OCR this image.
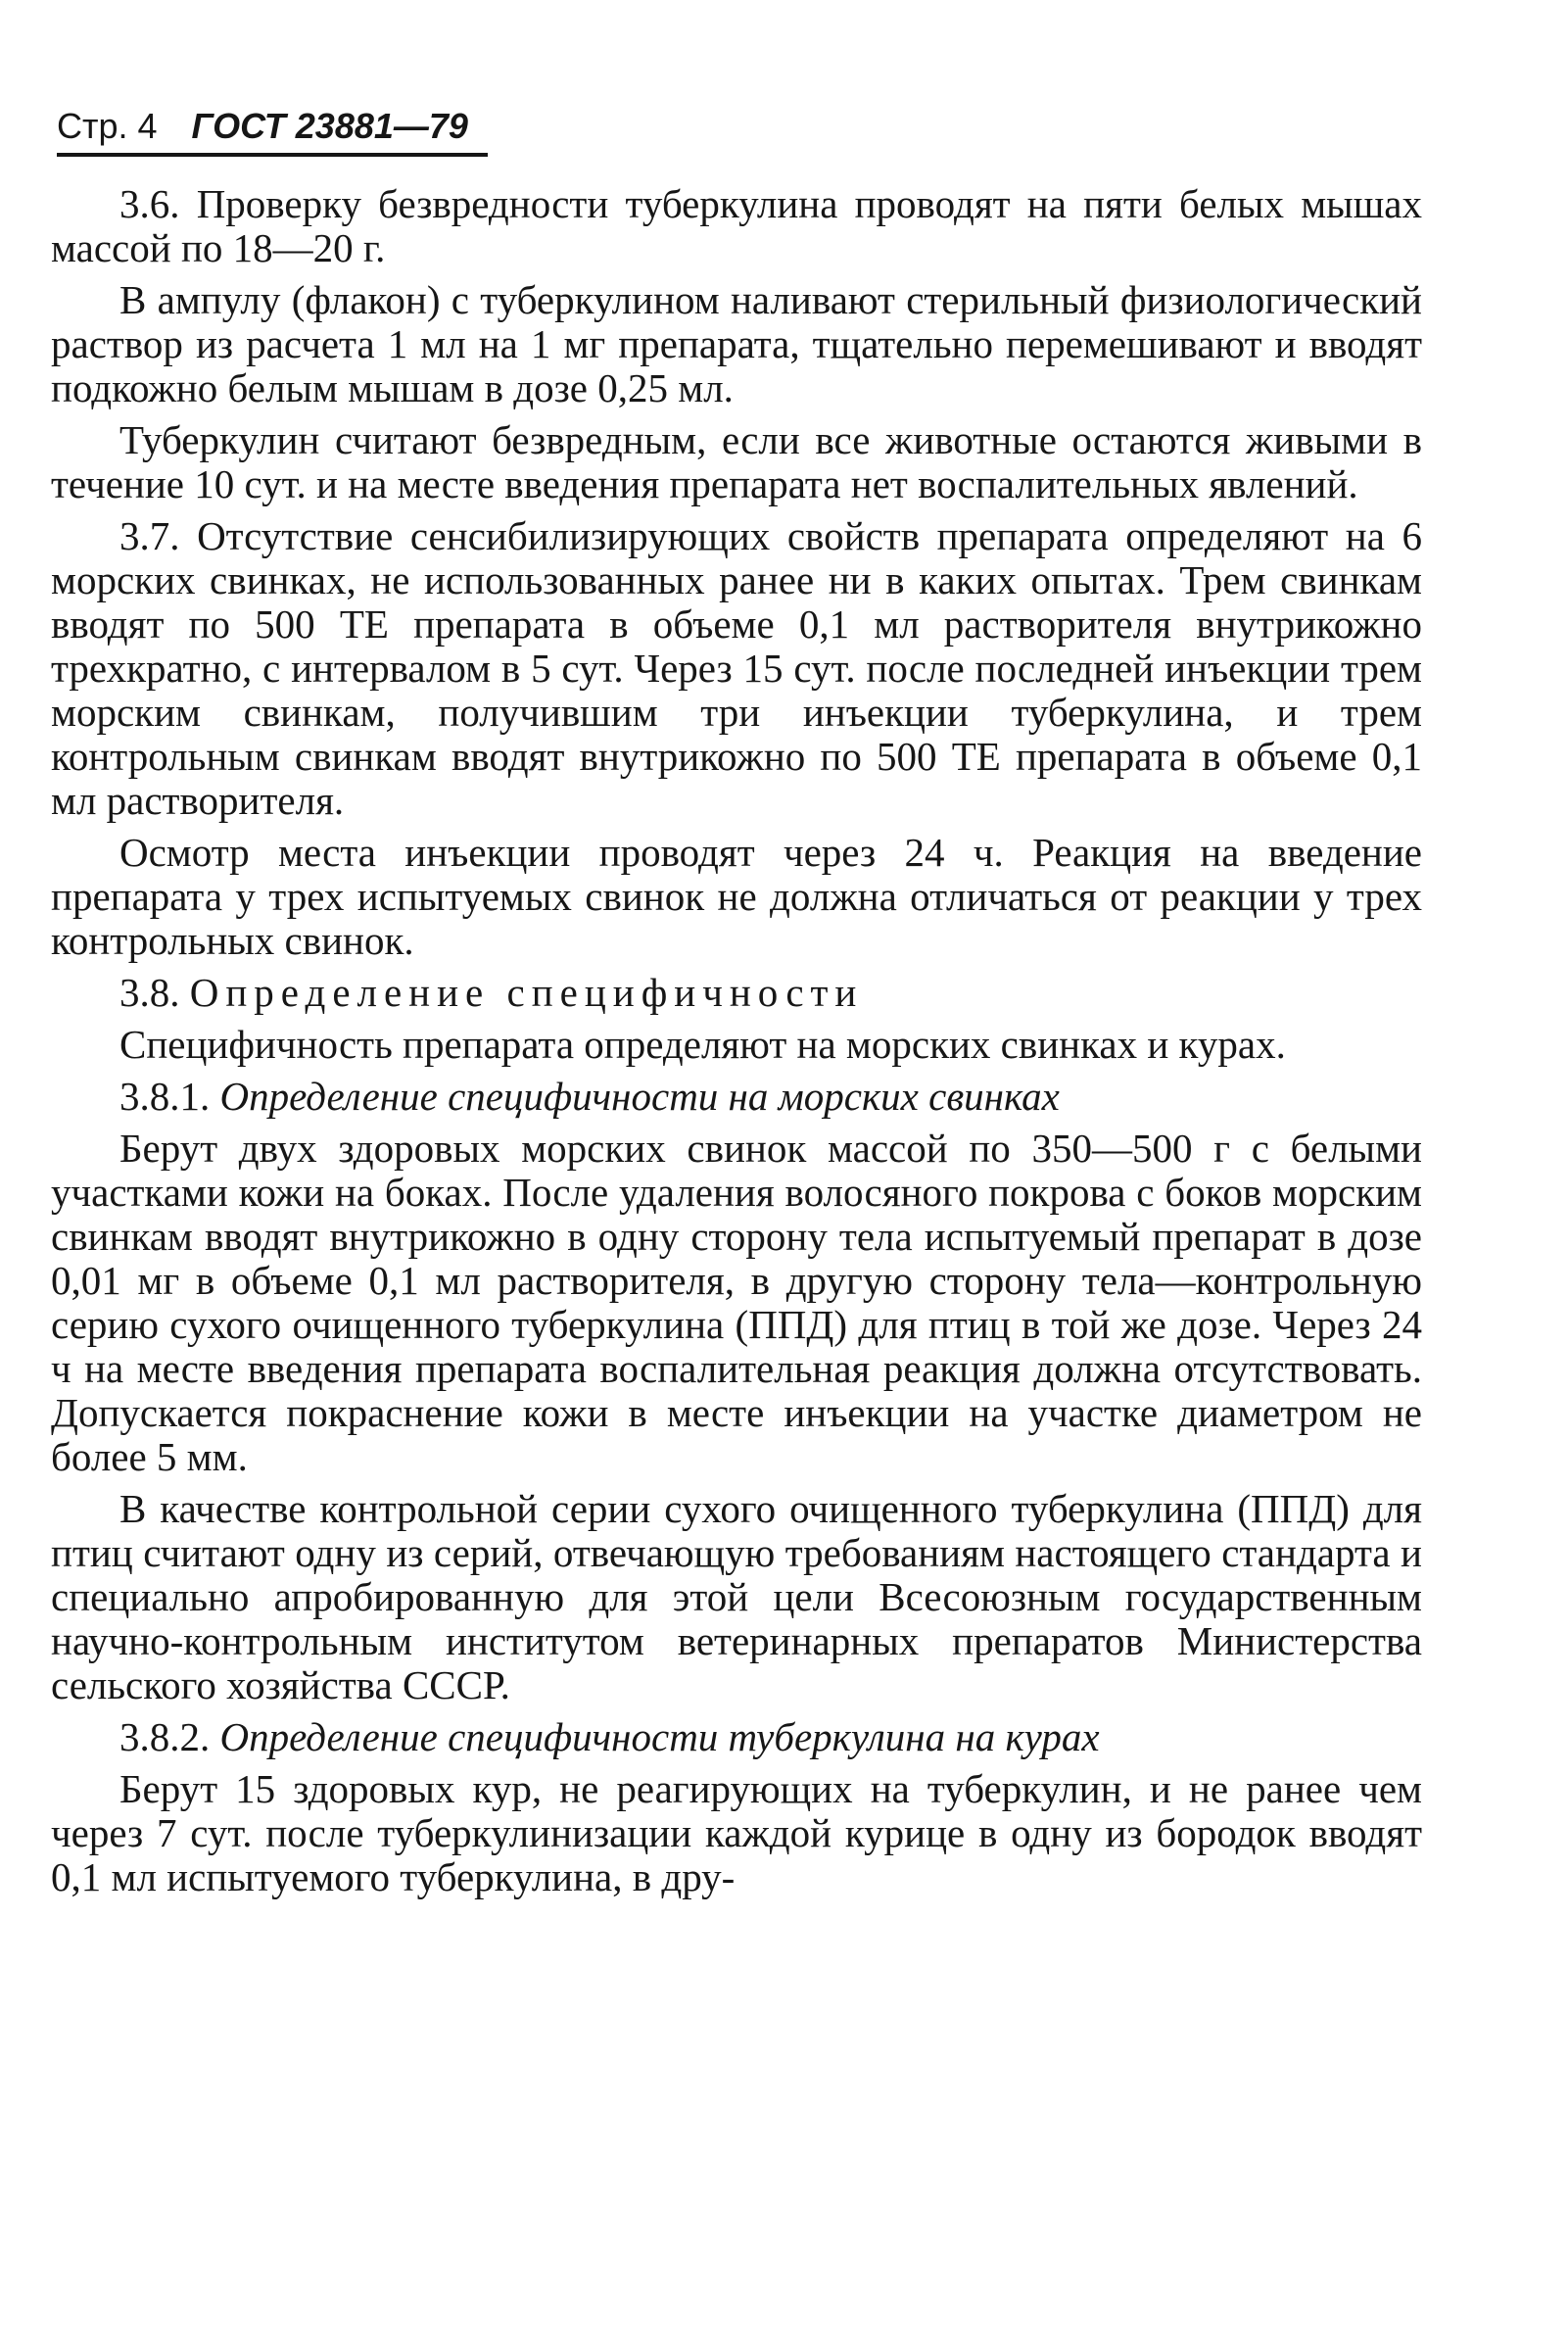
Стр. 4 ГОСТ 23881—79

3.6. Проверку безвредности туберкулина проводят на пяти белых мышах массой по 18—20 г.

В ампулу (флакон) с туберкулином наливают стерильный физиологический раствор из расчета 1 мл на 1 мг препарата, тщательно перемешивают и вводят подкожно белым мышам в дозе 0,25 мл.

Туберкулин считают безвредным, если все животные остаются живыми в течение 10 сут. и на месте введения препарата нет воспалительных явлений.

3.7. Отсутствие сенсибилизирующих свойств препарата определяют на 6 морских свинках, не использованных ранее ни в каких опытах. Трем свинкам вводят по 500 ТЕ препарата в объеме 0,1 мл растворителя внутрикожно трехкратно, с интервалом в 5 сут. Через 15 сут. после последней инъекции трем морским свинкам, получившим три инъекции туберкулина, и трем контрольным свинкам вводят внутрикожно по 500 ТЕ препарата в объеме 0,1 мл растворителя.

Осмотр места инъекции проводят через 24 ч. Реакция на введение препарата у трех испытуемых свинок не должна отличаться от реакции у трех контрольных свинок.

3.8. Определение специфичности

Специфичность препарата определяют на морских свинках и курах.

3.8.1. Определение специфичности на морских свинках

Берут двух здоровых морских свинок массой по 350—500 г с белыми участками кожи на боках. После удаления волосяного покрова с боков морским свинкам вводят внутрикожно в одну сторону тела испытуемый препарат в дозе 0,01 мг в объеме 0,1 мл растворителя, в другую сторону тела—контрольную серию сухого очищенного туберкулина (ППД) для птиц в той же дозе. Через 24 ч на месте введения препарата воспалительная реакция должна отсутствовать. Допускается покраснение кожи в месте инъекции на участке диаметром не более 5 мм.

В качестве контрольной серии сухого очищенного туберкулина (ППД) для птиц считают одну из серий, отвечающую требованиям настоящего стандарта и специально апробированную для этой цели Всесоюзным государственным научно-контрольным институтом ветеринарных препаратов Министерства сельского хозяйства СССР.

3.8.2. Определение специфичности туберкулина на курах

Берут 15 здоровых кур, не реагирующих на туберкулин, и не ранее чем через 7 сут. после туберкулинизации каждой курице в одну из бородок вводят 0,1 мл испытуемого туберкулина, в дру-
